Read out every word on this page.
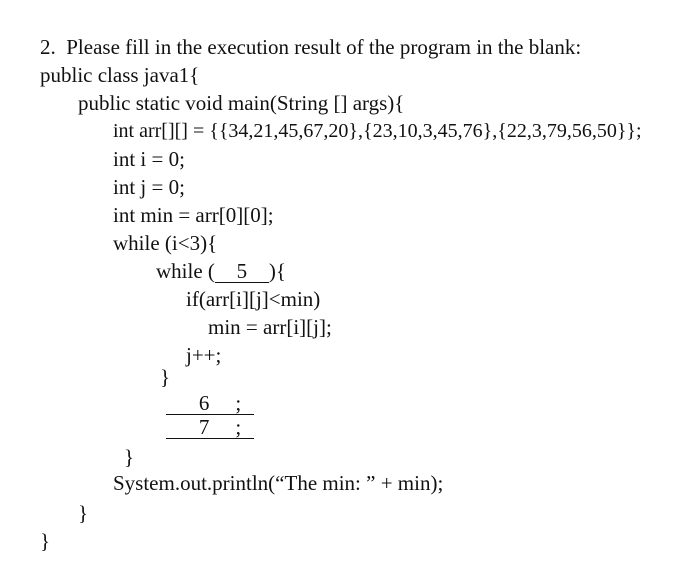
2. Please fill in the execution result of the program in the blank:
public class java1{
public static void main(String [] args){
int arr[][] = {{34,21,45,67,20},{23,10,3,45,76},{22,3,79,56,50}};
int i = 0;
int j = 0;
int min = arr[0][0];
while (i<3){
while ( 5 ){
if(arr[i][j]<min)
min = arr[i][j];
j++;
}
6 ;
7 ;
}
System.out.println(“The min: ” + min);
}
}
